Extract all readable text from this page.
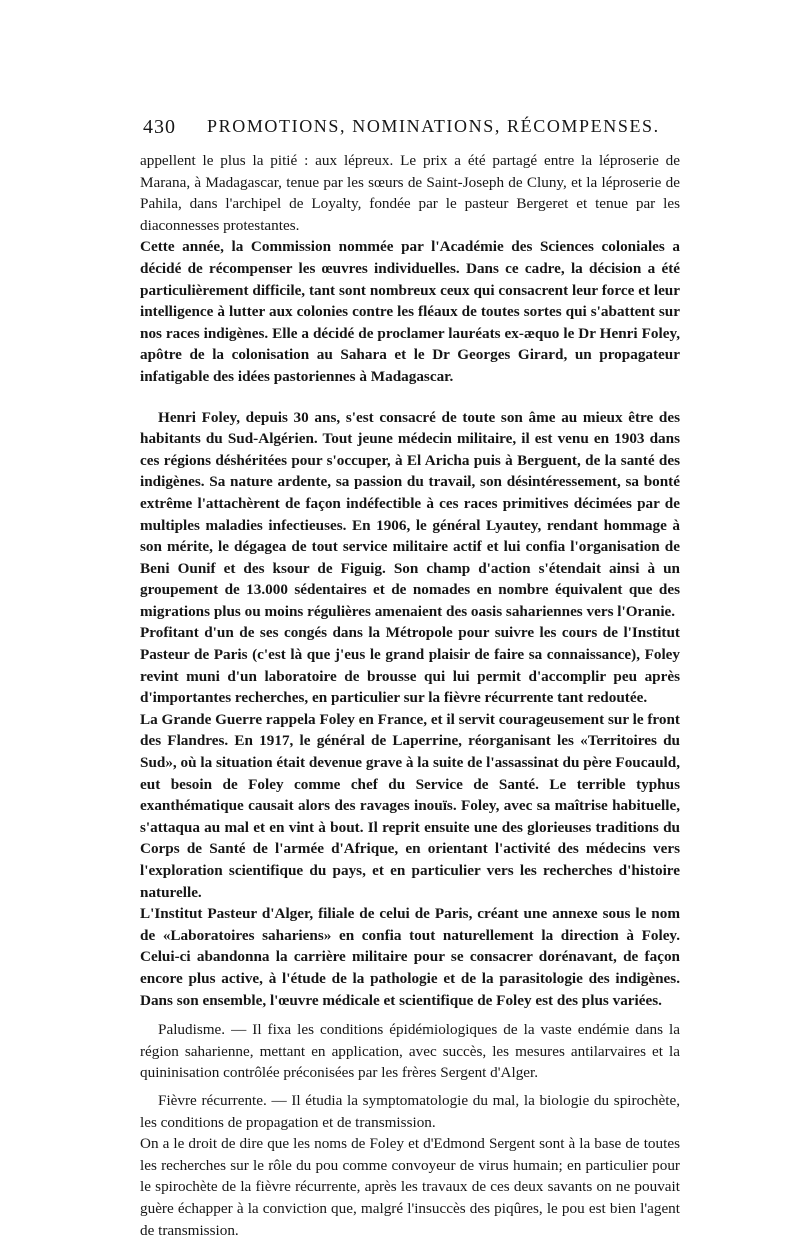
430 PROMOTIONS, NOMINATIONS, RÉCOMPENSES.

appellent le plus la pitié : aux lépreux. Le prix a été partagé entre la léproserie de Marana, à Madagascar, tenue par les sœurs de Saint-Joseph de Cluny, et la léproserie de Pahila, dans l'archipel de Loyalty, fondée par le pasteur Bergeret et tenue par les diaconnesses protestantes.

Cette année, la Commission nommée par l'Académie des Sciences coloniales a décidé de récompenser les œuvres individuelles. Dans ce cadre, la décision a été particulièrement difficile, tant sont nombreux ceux qui consacrent leur force et leur intelligence à lutter aux colonies contre les fléaux de toutes sortes qui s'abattent sur nos races indigènes. Elle a décidé de proclamer lauréats ex-æquo le Dr Henri Foley, apôtre de la colonisation au Sahara et le Dr Georges Girard, un propagateur infatigable des idées pastoriennes à Madagascar.

Henri Foley, depuis 30 ans, s'est consacré de toute son âme au mieux être des habitants du Sud-Algérien. Tout jeune médecin militaire, il est venu en 1903 dans ces régions déshéritées pour s'occuper, à El Aricha puis à Berguent, de la santé des indigènes. Sa nature ardente, sa passion du travail, son désintéressement, sa bonté extrême l'attachèrent de façon indéfectible à ces races primitives décimées par de multiples maladies infectieuses. En 1906, le général Lyautey, rendant hommage à son mérite, le dégagea de tout service militaire actif et lui confia l'organisation de Beni Ounif et des ksour de Figuig. Son champ d'action s'étendait ainsi à un groupement de 13.000 sédentaires et de nomades en nombre équivalent que des migrations plus ou moins régulières amenaient des oasis sahariennes vers l'Oranie.

Profitant d'un de ses congés dans la Métropole pour suivre les cours de l'Institut Pasteur de Paris (c'est là que j'eus le grand plaisir de faire sa connaissance), Foley revint muni d'un laboratoire de brousse qui lui permit d'accomplir peu après d'importantes recherches, en particulier sur la fièvre récurrente tant redoutée.

La Grande Guerre rappela Foley en France, et il servit courageusement sur le front des Flandres. En 1917, le général de Laperrine, réorganisant les «Territoires du Sud», où la situation était devenue grave à la suite de l'assassinat du père Foucauld, eut besoin de Foley comme chef du Service de Santé. Le terrible typhus exanthématique causait alors des ravages inouïs. Foley, avec sa maîtrise habituelle, s'attaqua au mal et en vint à bout. Il reprit ensuite une des glorieuses traditions du Corps de Santé de l'armée d'Afrique, en orientant l'activité des médecins vers l'exploration scientifique du pays, et en particulier vers les recherches d'histoire naturelle.

L'Institut Pasteur d'Alger, filiale de celui de Paris, créant une annexe sous le nom de «Laboratoires sahariens» en confia tout naturellement la direction à Foley. Celui-ci abandonna la carrière militaire pour se consacrer dorénavant, de façon encore plus active, à l'étude de la pathologie et de la parasitologie des indigènes. Dans son ensemble, l'œuvre médicale et scientifique de Foley est des plus variées.

Paludisme. — Il fixa les conditions épidémiologiques de la vaste endémie dans la région saharienne, mettant en application, avec succès, les mesures antilarvaires et la quininisation contrôlée préconisées par les frères Sergent d'Alger.

Fièvre récurrente. — Il étudia la symptomatologie du mal, la biologie du spirochète, les conditions de propagation et de transmission.

On a le droit de dire que les noms de Foley et d'Edmond Sergent sont à la base de toutes les recherches sur le rôle du pou comme convoyeur de virus humain; en particulier pour le spirochète de la fièvre récurrente, après les travaux de ces deux savants on ne pouvait guère échapper à la conviction que, malgré l'insuccès des piqûres, le pou est bien l'agent de transmission.
